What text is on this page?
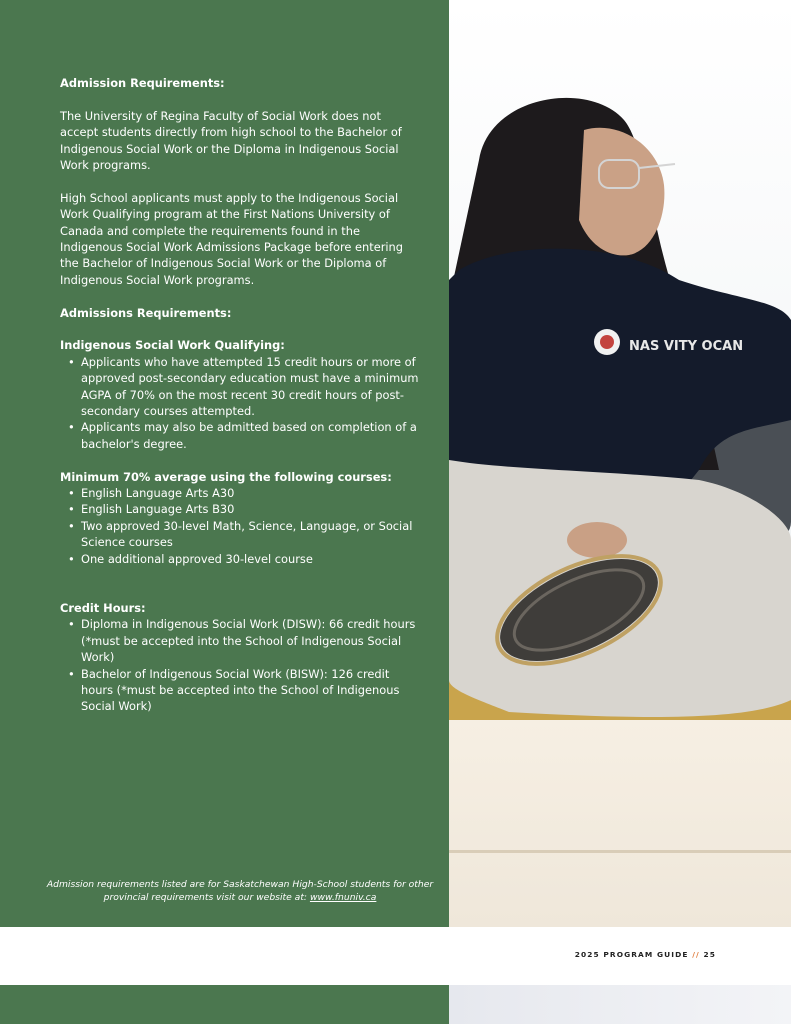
NAS VITY OCAN
Admission Requirements:

The University of Regina Faculty of Social Work does not accept students directly from high school to the Bachelor of Indigenous Social Work or the Diploma in Indigenous Social Work programs.

High School applicants must apply to the Indigenous Social Work Qualifying program at the First Nations University of Canada and complete the requirements found in the Indigenous Social Work Admissions Package before entering the Bachelor of Indigenous Social Work or the Diploma of Indigenous Social Work programs.

Admissions Requirements:
Indigenous Social Work Qualifying:
• Applicants who have attempted 15 credit hours or more of approved post-secondary education must have a minimum AGPA of 70% on the most recent 30 credit hours of post-secondary courses attempted.
• Applicants may also be admitted based on completion of a bachelor's degree.
Minimum 70% average using the following courses:
• English Language Arts A30
• English Language Arts B30
• Two approved 30-level Math, Science, Language, or Social Science courses
• One additional approved 30-level course
Credit Hours:
• Diploma in Indigenous Social Work (DISW): 66 credit hours (*must be accepted into the School of Indigenous Social Work)
• Bachelor of Indigenous Social Work (BISW): 126 credit hours (*must be accepted into the School of Indigenous Social Work)
Admission requirements listed are for Saskatchewan High-School students for other provincial requirements visit our website at: www.fnuniv.ca
2025 PROGRAM GUIDE // 25
